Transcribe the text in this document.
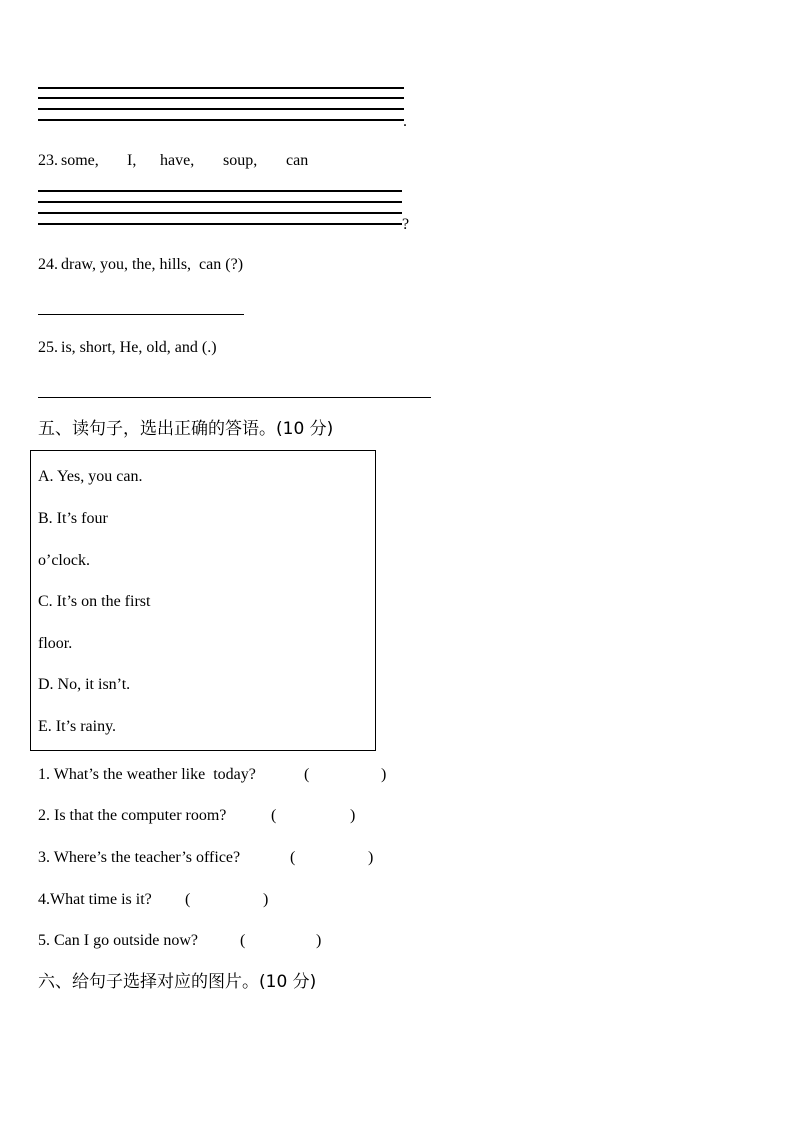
.
23. some, I, have, soup, can
?
24. draw, you, the, hills,  can (?)
25. is, short, He, old, and (.)
五、读句子，选出正确的答语。(10 分)
A. Yes, you can.
B. It’s four
o’clock.
C. It’s on the first
floor.
D. No, it isn’t.
E. It’s rainy.
1. What’s the weather like  today?	(	)
2. Is that the computer room?	(	)
3. Where’s the teacher’s office?	(	)
4.What time is it? (	)
5. Can I go outside now?	(	)
六、给句子选择对应的图片。(10 分)
